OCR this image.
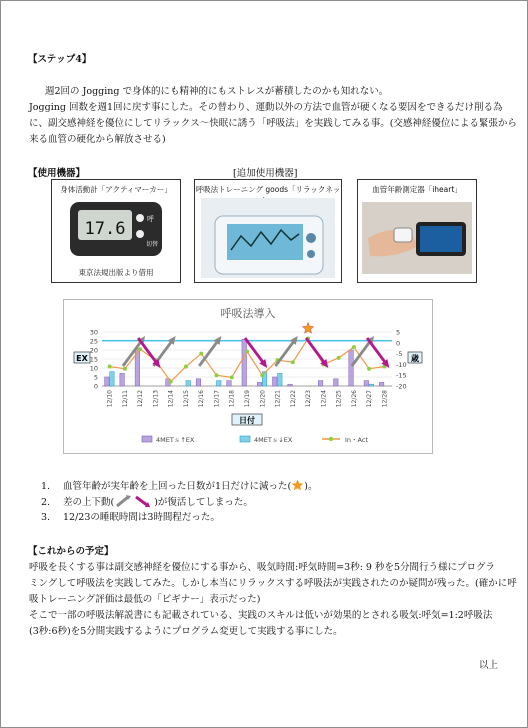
【ステップ4】
週2回の Jogging で身体的にも精神的にもストレスが蓄積したのかも知れない。
Jogging 回数を週1回に戻す事にした。その替わり、運動以外の方法で血管が硬くなる要因をできるだけ削る為
に、副交感神経を優位にしてリラックス～快眠に誘う「呼吸法」を実践してみる事。(交感神経優位による緊張から
来る血管の硬化から解放させる)
【使用機器】	[追加使用機器]
身体活動計「アクティマーカー」
17.6	呼
切替
東京法規出版より借用
呼吸法トレーニング goods「リラックネッ	血管年齢測定器「iheart」
呼吸法導入
0
5
10
15
20
25
30	5
0
-5
-10
-15
-20
12/10 12/11 12/12 12/13 12/14 12/15 12/16 12/17 12/18 12/19 12/20 12/21 12/22 12/23 12/24 12/25 12/26 12/27 12/28
EX	歳
日付
4METｓ↑EX	4METｓ↓EX	In・Act
1. 血管年齢が実年齢を上回った日数が1日だけに減った( )。
2. 差の上下動(	)が復活してしまった。
3. 12/23の睡眠時間は3時間程だった。
【これからの予定】
呼吸を長くする事は副交感神経を優位にする事から、吸気時間:呼気時間=3秒: 9 秒を5分間行う様にプログラ
ミングして呼吸法を実践してみた。しかし本当にリラックスする呼吸法が実践されたのか疑問が残った。(確かに呼
吸トレーニング評価は最低の「ビギナー」表示だった)
そこで一部の呼吸法解説書にも記載されている、実践のスキルは低いが効果的とされる吸気:呼気=1:2呼吸法
(3秒:6秒)を5分間実践するようにプログラム変更して実践する事にした。
以上
